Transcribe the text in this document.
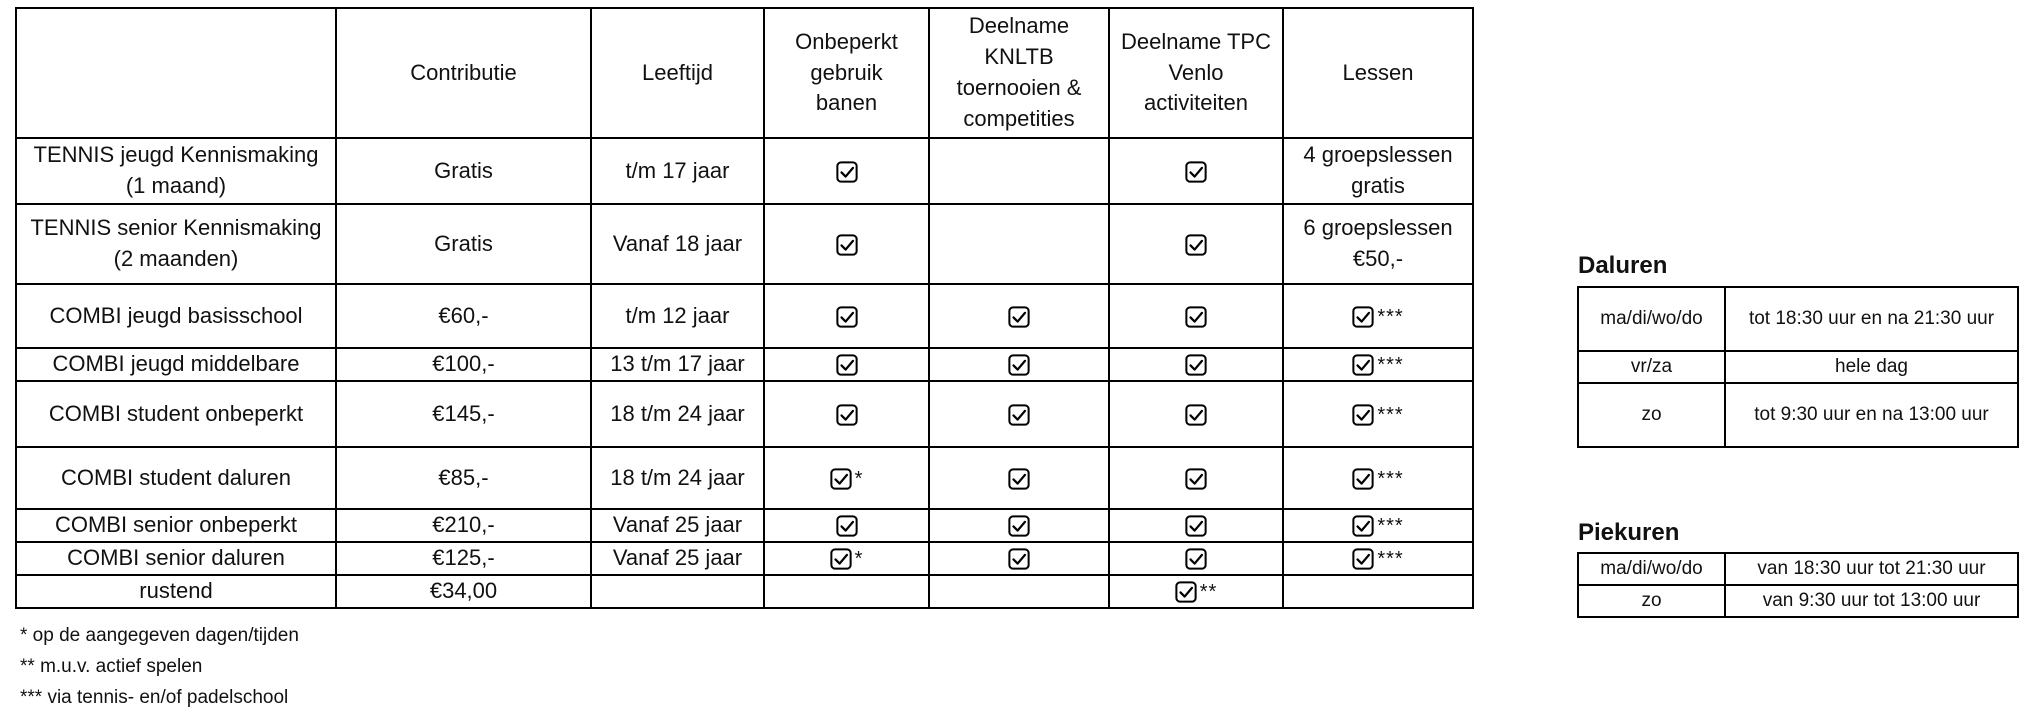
	Contributie	Leeftijd	Onbeperkt gebruik banen	Deelname KNLTB toernooien & competities	Deelname TPC Venlo activiteiten	Lessen
TENNIS jeugd Kennismaking (1 maand)	Gratis	t/m 17 jaar				4 groepslessen gratis
TENNIS senior Kennismaking (2 maanden)	Gratis	Vanaf 18 jaar				6 groepslessen €50,-
COMBI jeugd basisschool	€60,-	t/m 12 jaar				***
COMBI jeugd middelbare	€100,-	13 t/m 17 jaar				***
COMBI student onbeperkt	€145,-	18 t/m 24 jaar				***
COMBI student daluren	€85,-	18 t/m 24 jaar	*			***
COMBI senior onbeperkt	€210,-	Vanaf 25 jaar				***
COMBI senior daluren	€125,-	Vanaf 25 jaar	*			***
rustend	€34,00				**	
Daluren
ma/di/wo/do	tot 18:30 uur en na 21:30 uur
vr/za	hele dag
zo	tot 9:30 uur en na 13:00 uur
Piekuren
ma/di/wo/do	van 18:30 uur tot 21:30 uur
zo	van 9:30 uur tot 13:00 uur
* op de aangegeven dagen/tijden
** m.u.v. actief spelen
*** via tennis- en/of padelschool
